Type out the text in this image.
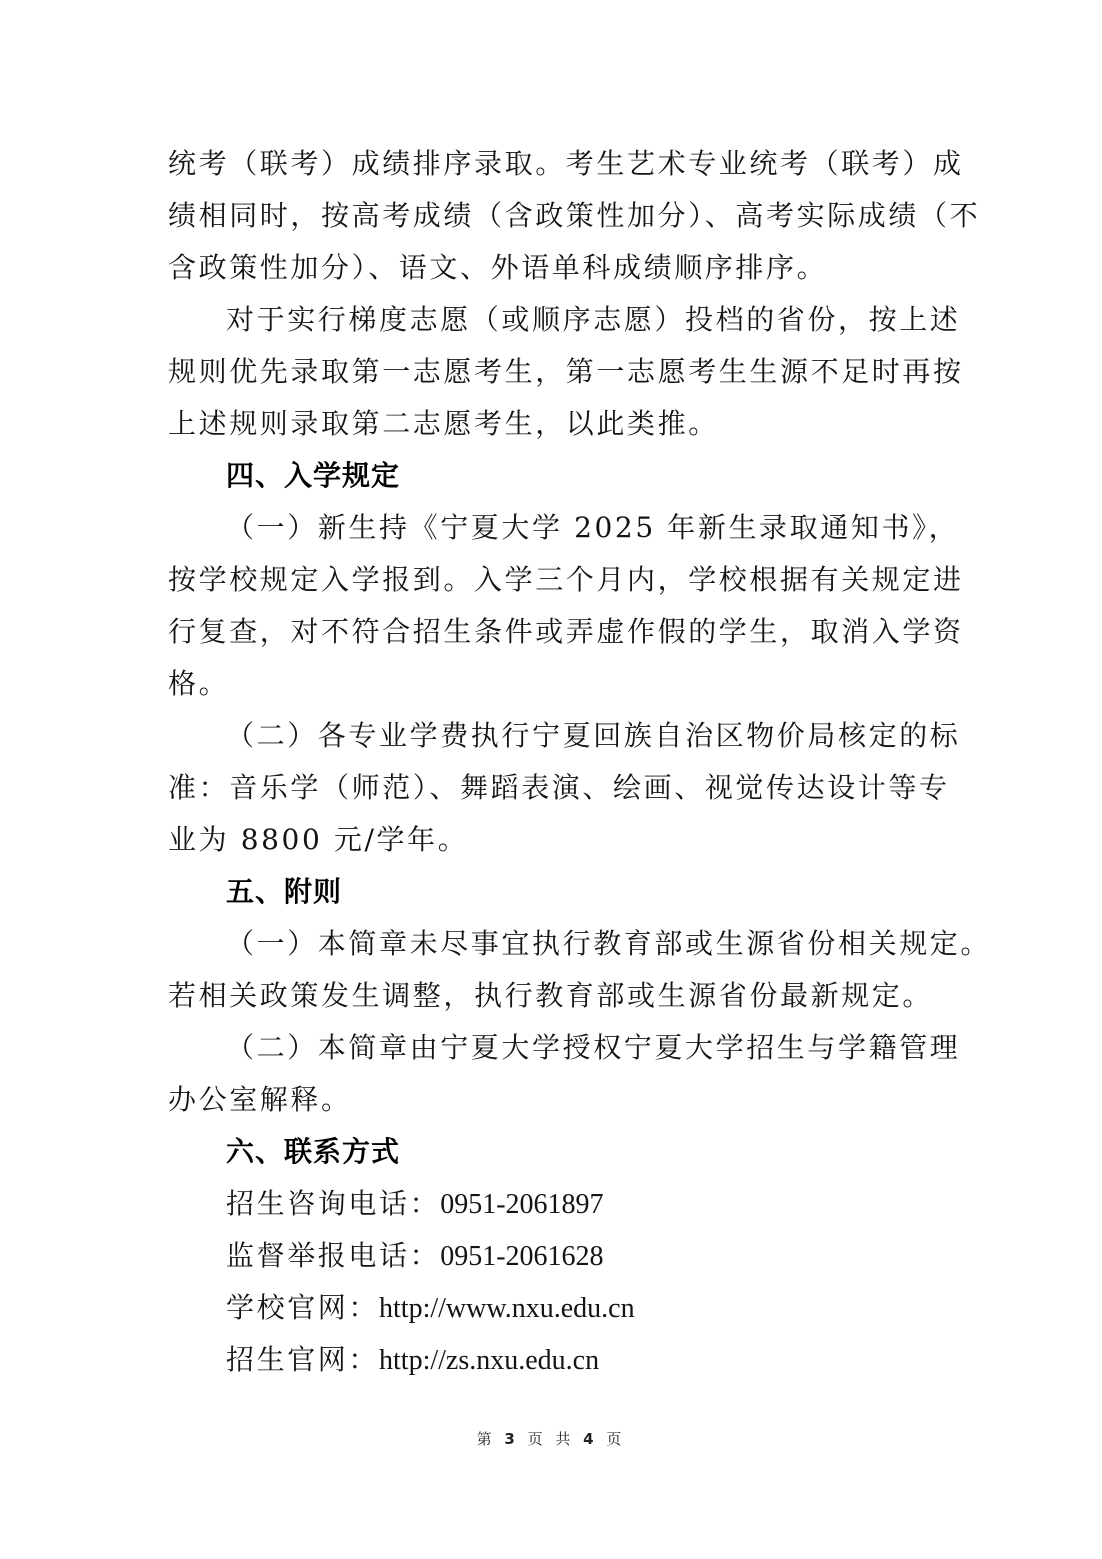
统考（联考）成绩排序录取。考生艺术专业统考（联考）成
绩相同时，按高考成绩（含政策性加分）、高考实际成绩（不
含政策性加分）、语文、外语单科成绩顺序排序。
对于实行梯度志愿（或顺序志愿）投档的省份，按上述
规则优先录取第一志愿考生，第一志愿考生生源不足时再按
上述规则录取第二志愿考生，以此类推。
四、入学规定
（一）新生持《宁夏大学 2025 年新生录取通知书》，
按学校规定入学报到。入学三个月内，学校根据有关规定进
行复查，对不符合招生条件或弄虚作假的学生，取消入学资
格。
（二）各专业学费执行宁夏回族自治区物价局核定的标
准：音乐学（师范）、舞蹈表演、绘画、视觉传达设计等专
业为 8800 元/学年。
五、附则
（一）本简章未尽事宜执行教育部或生源省份相关规定。
若相关政策发生调整，执行教育部或生源省份最新规定。
（二）本简章由宁夏大学授权宁夏大学招生与学籍管理
办公室解释。
六、联系方式
招生咨询电话：0951-2061897
监督举报电话：0951-2061628
学校官网：http://www.nxu.edu.cn
招生官网：http://zs.nxu.edu.cn
第 3 页 共 4 页
